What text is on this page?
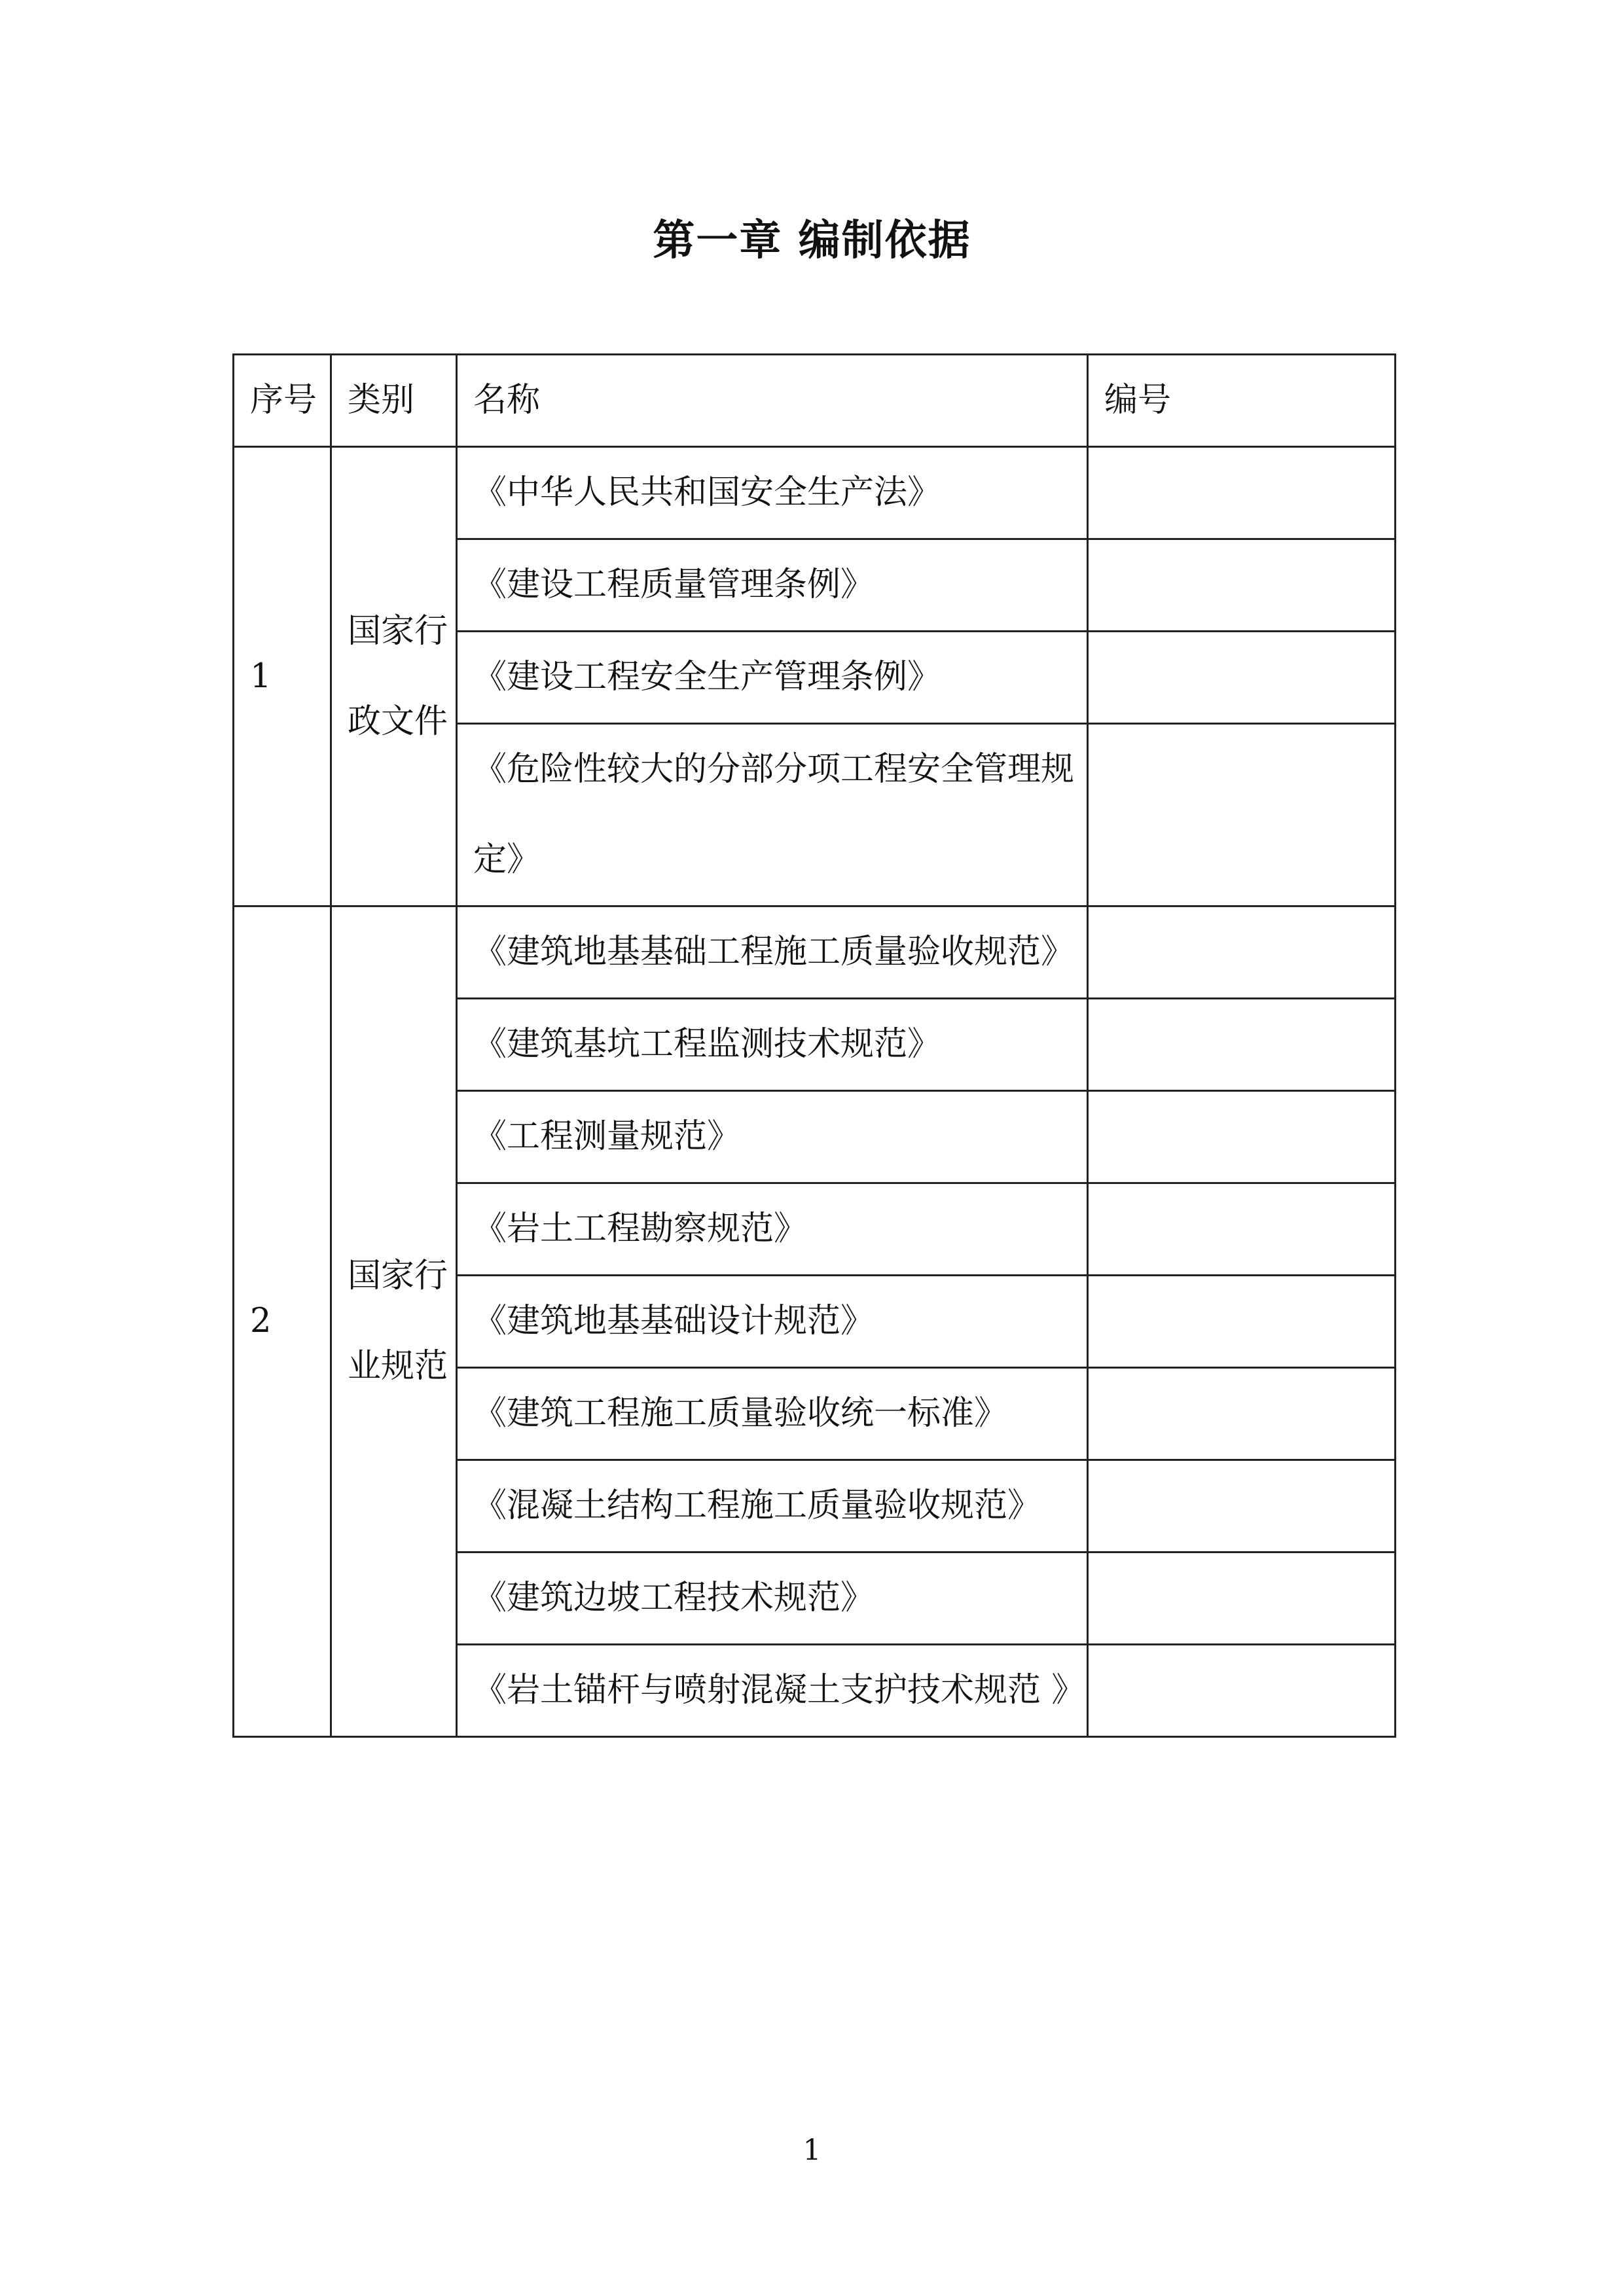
第一章 编制依据
序号	类别	名称	编号
1	国家行政文件	《中华人民共和国安全生产法》	
		《建设工程质量管理条例》	
		《建设工程安全生产管理条例》	
		《危险性较大的分部分项工程安全管理规定》	
2	国家行业规范	《建筑地基基础工程施工质量验收规范》	
		《建筑基坑工程监测技术规范》	
		《工程测量规范》	
		《岩土工程勘察规范》	
		《建筑地基基础设计规范》	
		《建筑工程施工质量验收统一标准》	
		《混凝土结构工程施工质量验收规范》	
		《建筑边坡工程技术规范》	
		《岩土锚杆与喷射混凝土支护技术规范 》	
1
